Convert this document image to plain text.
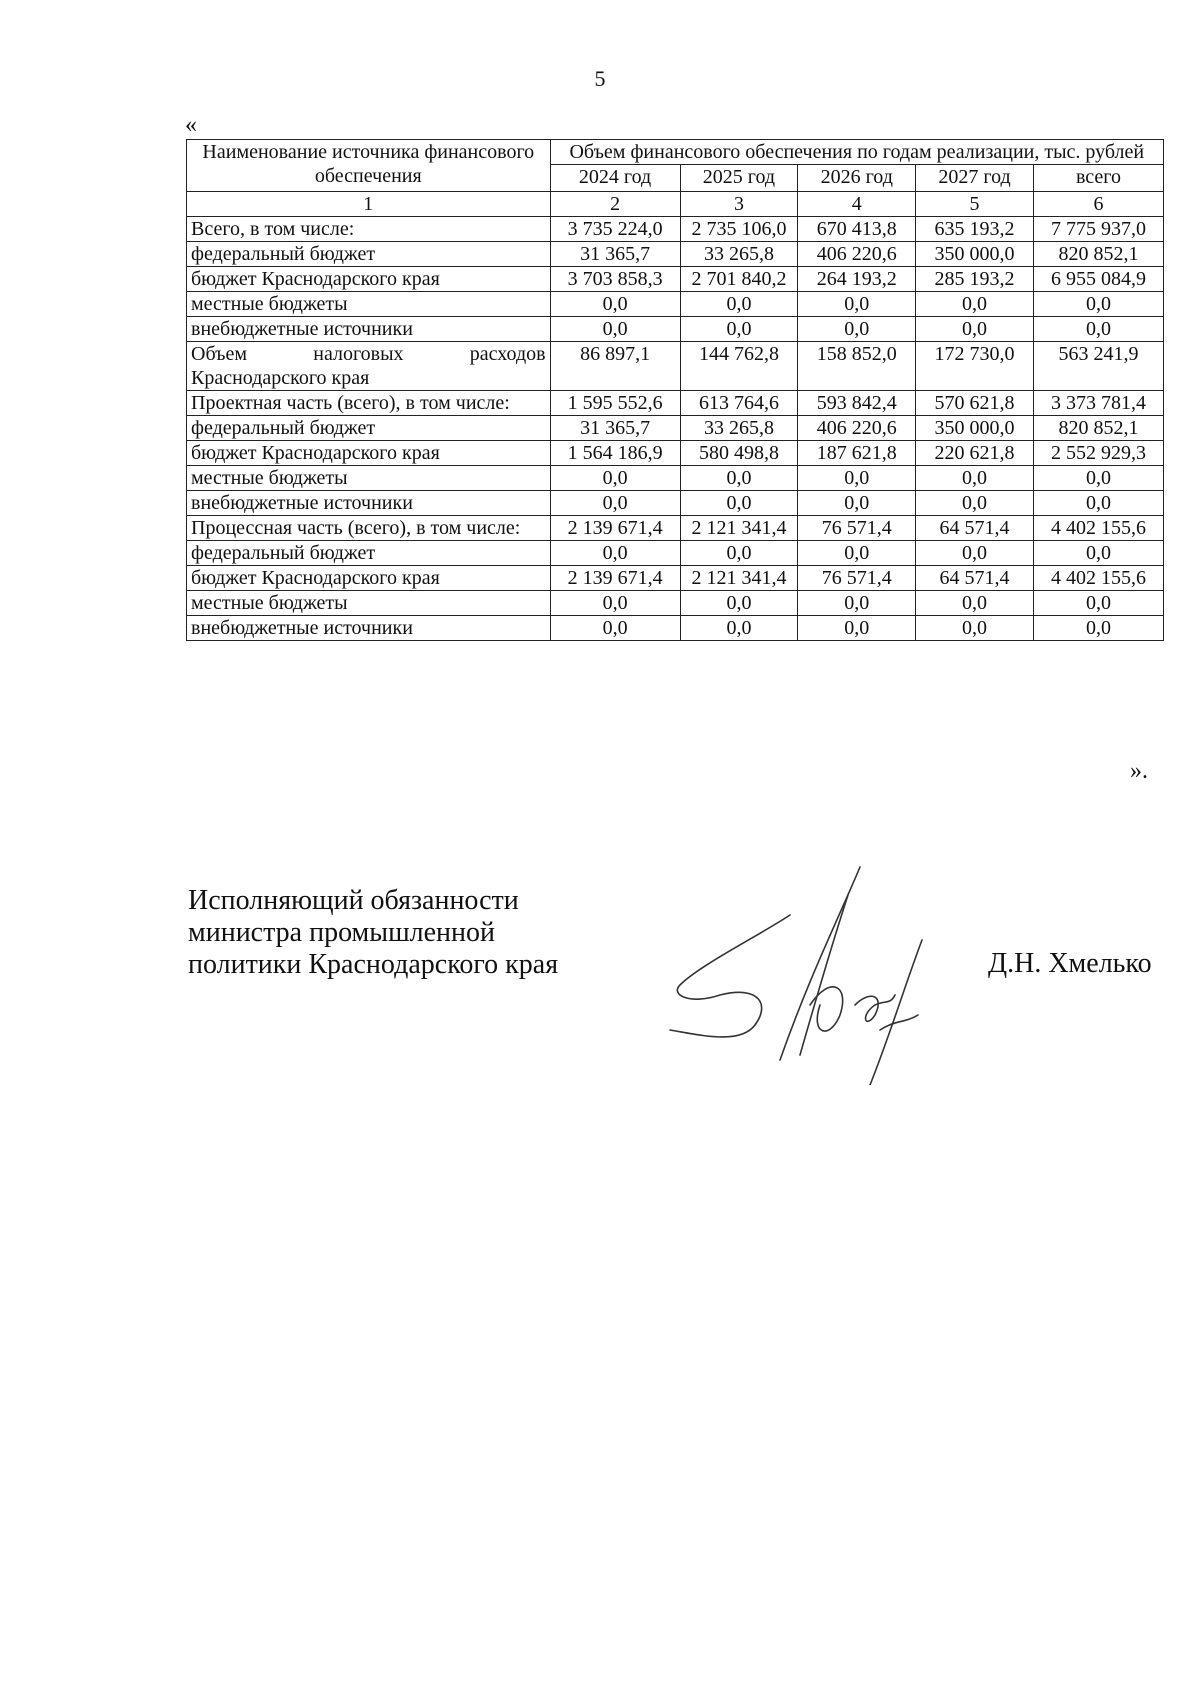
5
«
Наименование источника финансового обеспечения	Объем финансового обеспечения по годам реализации, тыс. рублей				
	2024 год	2025 год	2026 год	2027 год	всего
1	2	3	4	5	6
Всего, в том числе:	3 735 224,0	2 735 106,0	670 413,8	635 193,2	7 775 937,0
федеральный бюджет	31 365,7	33 265,8	406 220,6	350 000,0	820 852,1
бюджет Краснодарского края	3 703 858,3	2 701 840,2	264 193,2	285 193,2	6 955 084,9
местные бюджеты	0,0	0,0	0,0	0,0	0,0
внебюджетные источники	0,0	0,0	0,0	0,0	0,0
Объем налоговых расходов Краснодарского края	86 897,1	144 762,8	158 852,0	172 730,0	563 241,9
Проектная часть (всего), в том числе:	1 595 552,6	613 764,6	593 842,4	570 621,8	3 373 781,4
федеральный бюджет	31 365,7	33 265,8	406 220,6	350 000,0	820 852,1
бюджет Краснодарского края	1 564 186,9	580 498,8	187 621,8	220 621,8	2 552 929,3
местные бюджеты	0,0	0,0	0,0	0,0	0,0
внебюджетные источники	0,0	0,0	0,0	0,0	0,0
Процессная часть (всего), в том числе:	2 139 671,4	2 121 341,4	76 571,4	64 571,4	4 402 155,6
федеральный бюджет	0,0	0,0	0,0	0,0	0,0
бюджет Краснодарского края	2 139 671,4	2 121 341,4	76 571,4	64 571,4	4 402 155,6
местные бюджеты	0,0	0,0	0,0	0,0	0,0
внебюджетные источники	0,0	0,0	0,0	0,0	0,0
».
Исполняющий обязанности
министра промышленной
политики Краснодарского края	Д.Н. Хмелько
